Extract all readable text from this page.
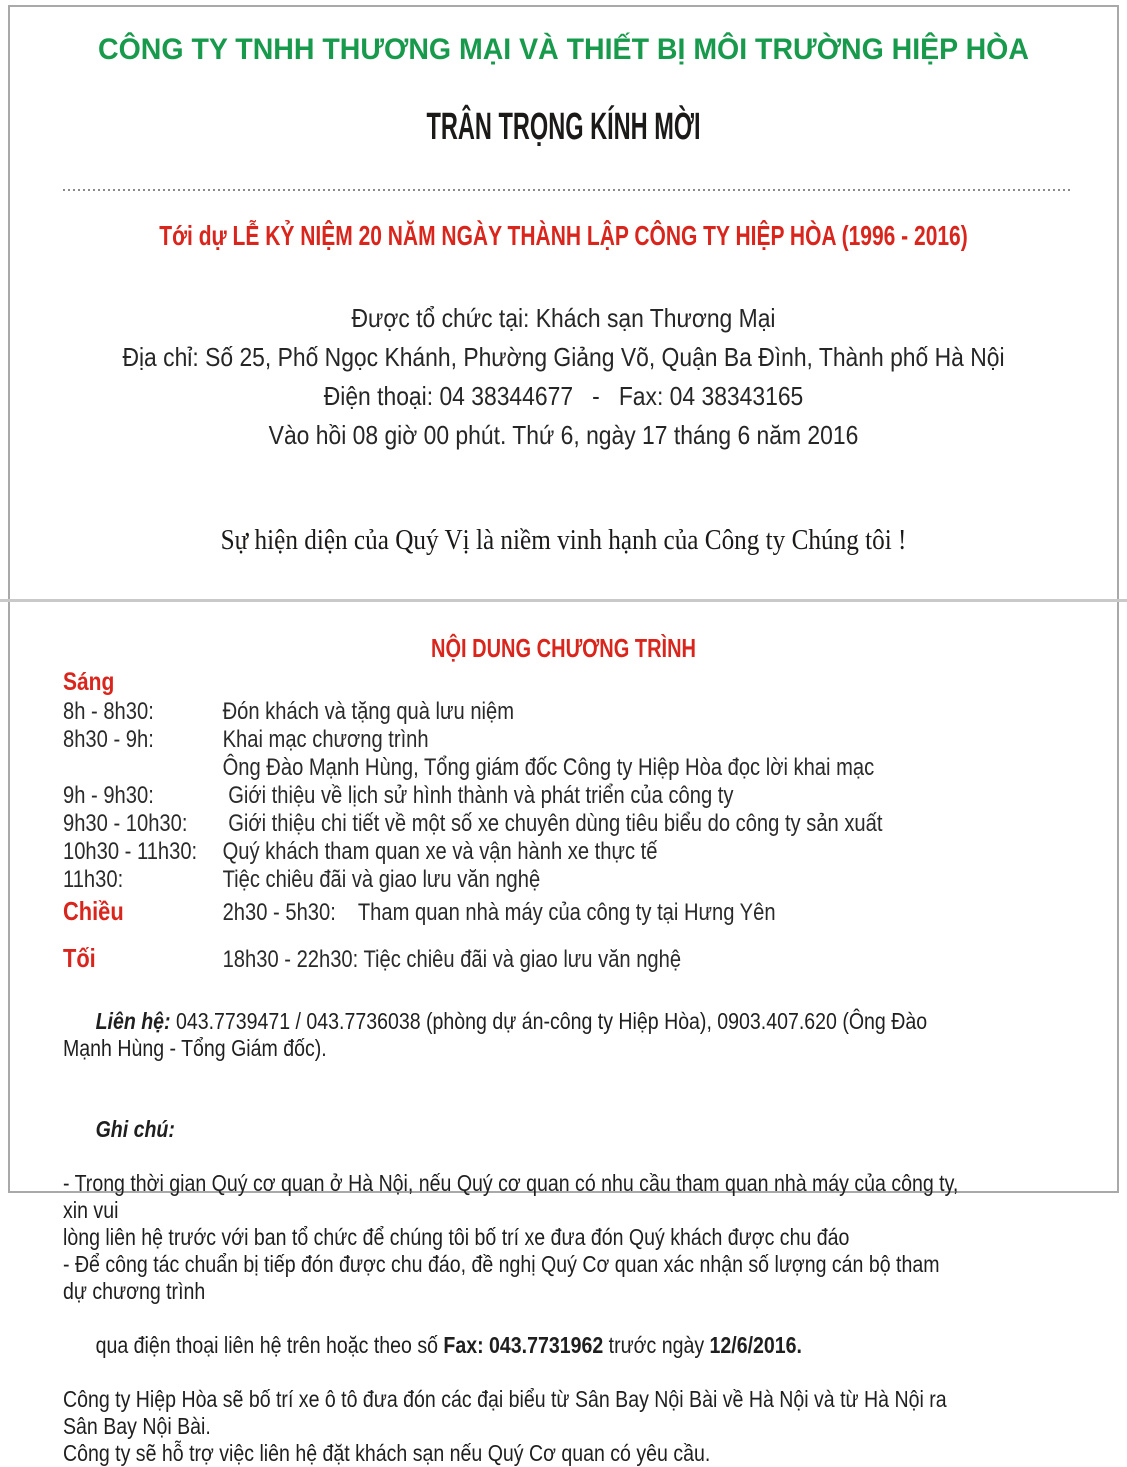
CÔNG TY TNHH THƯƠNG MẠI VÀ THIẾT BỊ MÔI TRƯỜNG HIỆP HÒA
TRÂN TRỌNG KÍNH MỜI
Tới dự LỄ KỶ NIỆM 20 NĂM NGÀY THÀNH LẬP CÔNG TY HIỆP HÒA (1996 - 2016)
Được tổ chức tại: Khách sạn Thương Mại
Địa chỉ: Số 25, Phố Ngọc Khánh, Phường Giảng Võ, Quận Ba Đình, Thành phố Hà Nội
Điện thoại: 04 38344677   -   Fax: 04 38343165
Vào hồi 08 giờ 00 phút. Thứ 6, ngày 17 tháng 6 năm 2016
Sự hiện diện của Quý Vị là niềm vinh hạnh của Công ty Chúng tôi !
NỘI DUNG CHƯƠNG TRÌNH
Sáng
8h - 8h30:	Đón khách và tặng quà lưu niệm
8h30 - 9h:	Khai mạc chương trình
Ông Đào Mạnh Hùng, Tổng giám đốc Công ty Hiệp Hòa đọc lời khai mạc
9h - 9h30:	Giới thiệu về lịch sử hình thành và phát triển của công ty
9h30 - 10h30:	Giới thiệu chi tiết về một số xe chuyên dùng tiêu biểu do công ty sản xuất
10h30 - 11h30:	Quý khách tham quan xe và vận hành xe thực tế
11h30:	Tiệc chiêu đãi và giao lưu văn nghệ
Chiều	2h30 - 5h30:    Tham quan nhà máy của công ty tại Hưng Yên
Tối	18h30 - 22h30: Tiệc chiêu đãi và giao lưu văn nghệ

Liên hệ: 043.7739471 / 043.7736038 (phòng dự án-công ty Hiệp Hòa), 0903.407.620 (Ông Đào Mạnh Hùng - Tổng Giám đốc).

Ghi chú:

- Trong thời gian Quý cơ quan ở Hà Nội, nếu Quý cơ quan có nhu cầu tham quan nhà máy của công ty, xin vui
lòng liên hệ trước với ban tổ chức để chúng tôi bố trí xe đưa đón Quý khách được chu đáo
- Để công tác chuẩn bị tiếp đón được chu đáo, đề nghị Quý Cơ quan xác nhận số lượng cán bộ tham dự chương trình

qua điện thoại liên hệ trên hoặc theo số Fax: 043.7731962 trước ngày 12/6/2016.

Công ty Hiệp Hòa sẽ bố trí xe ô tô đưa đón các đại biểu từ Sân Bay Nội Bài về Hà Nội và từ Hà Nội ra Sân Bay Nội Bài.
Công ty sẽ hỗ trợ việc liên hệ đặt khách sạn nếu Quý Cơ quan có yêu cầu.
